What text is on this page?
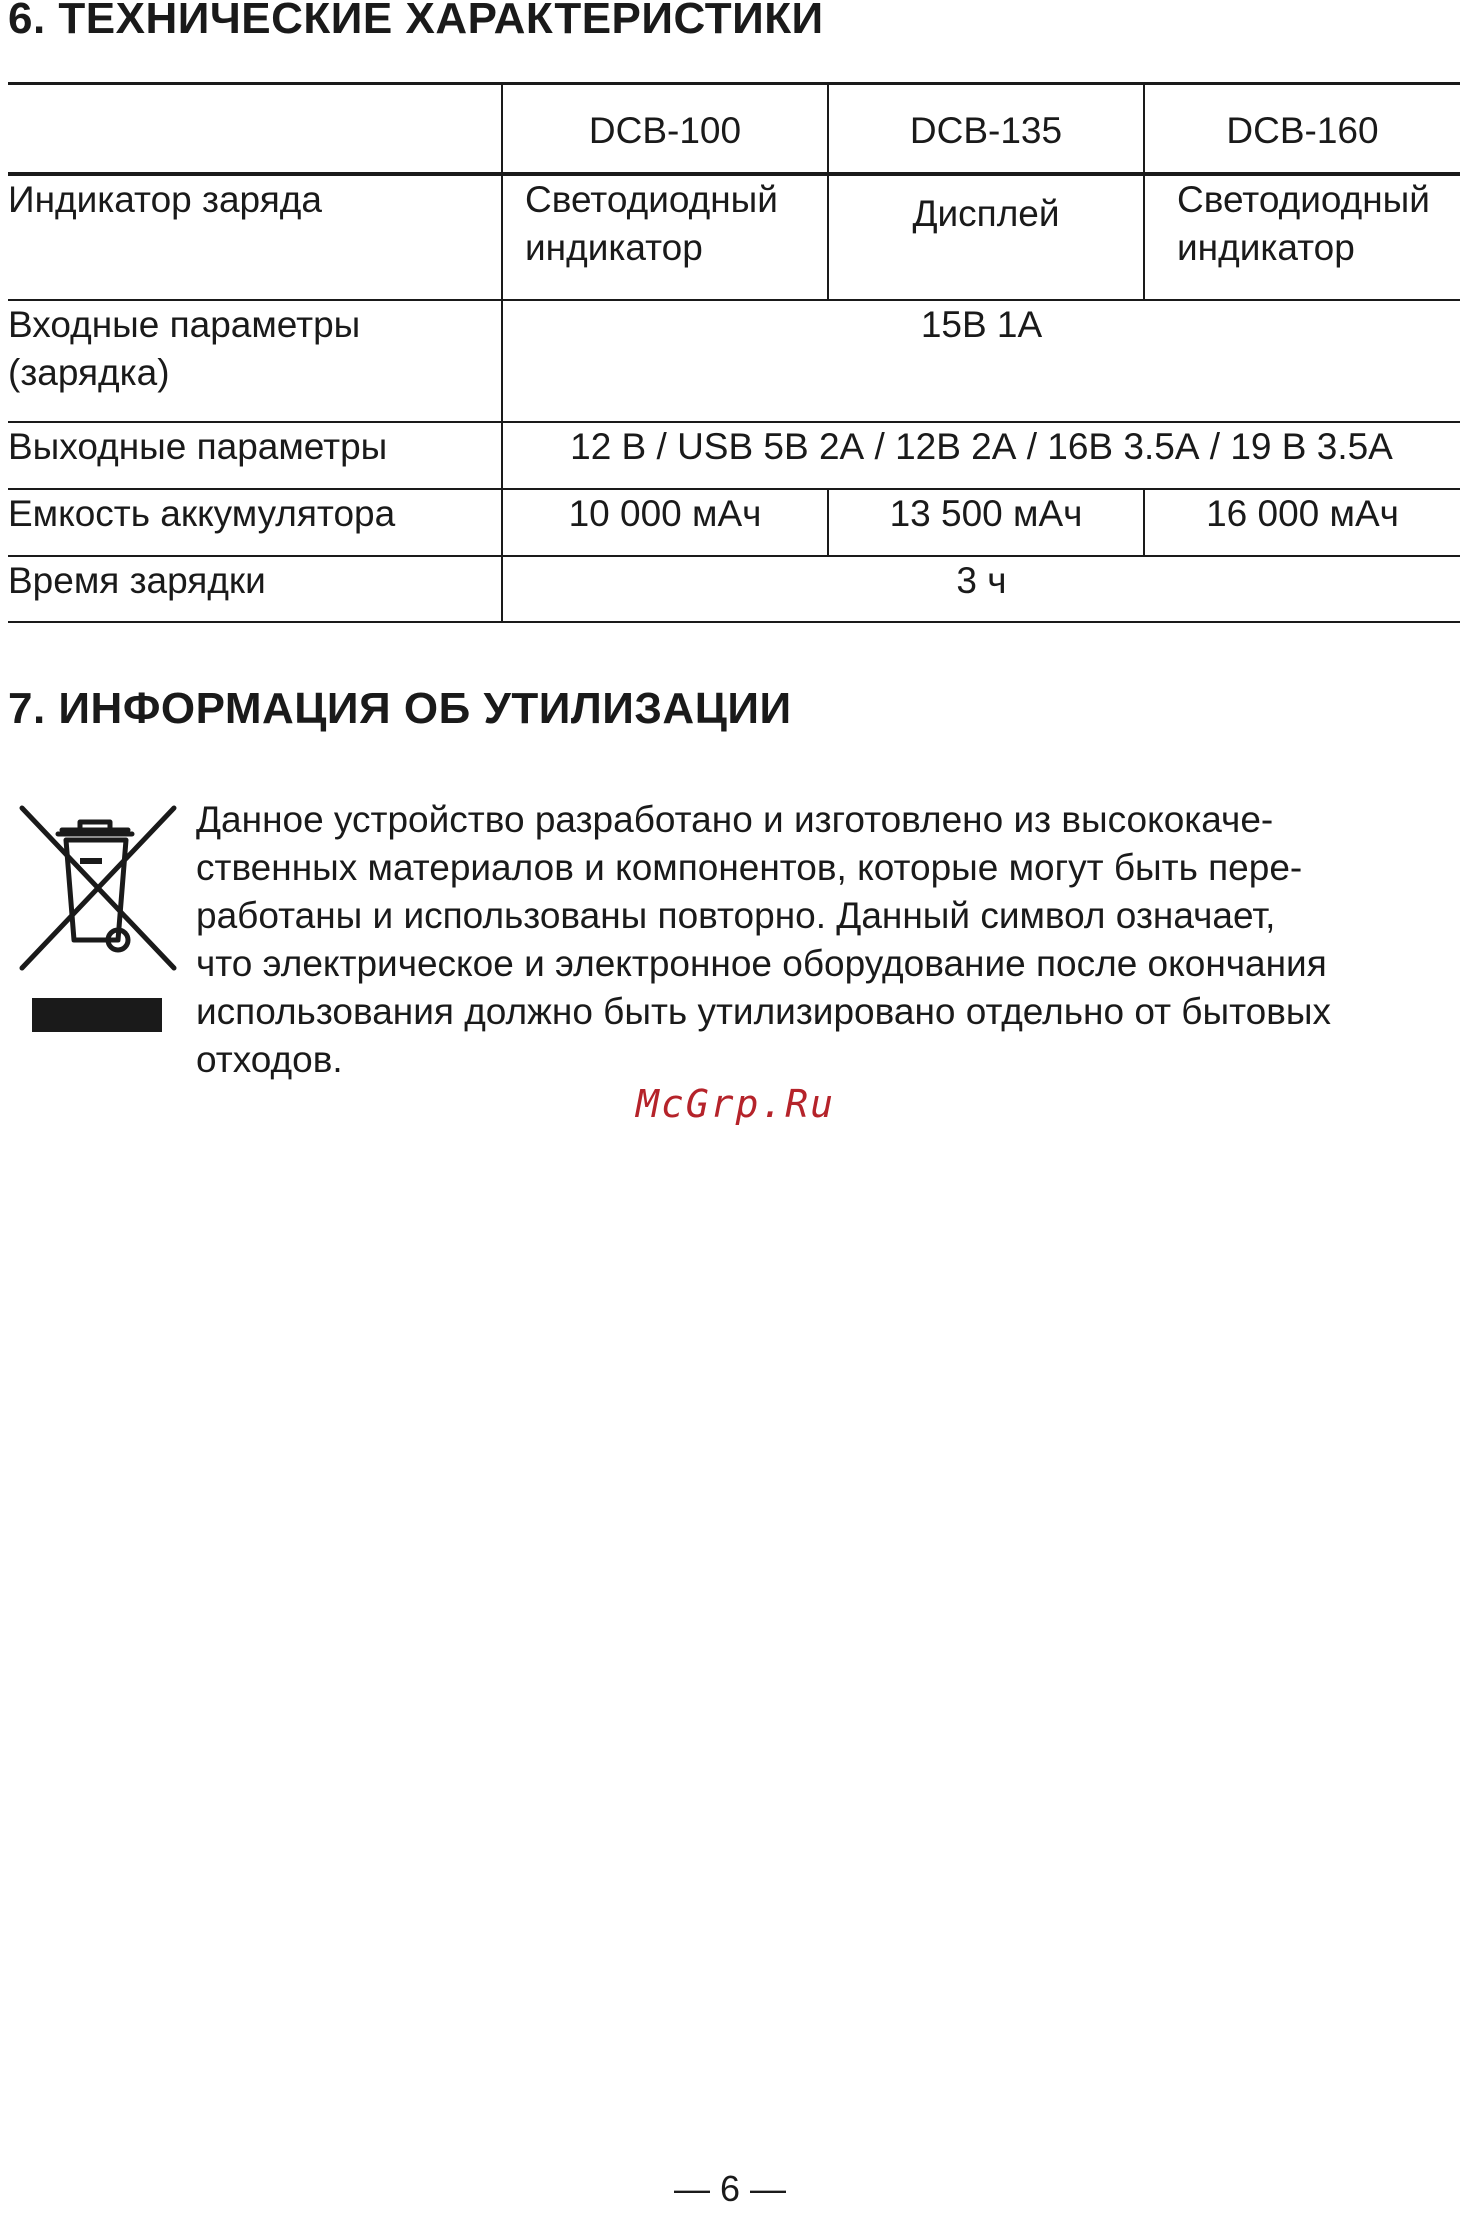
6. ТЕХНИЧЕСКИЕ ХАРАКТЕРИСТИКИ
	DCB-100	DCB-135	DCB-160
Индикатор заряда	Светодиодный индикатор	Дисплей	Светодиодный индикатор
Входные параметры (зарядка)	15В 1А		
Выходные параметры	12 В / USB 5В 2А / 12В 2А / 16В 3.5А / 19 В 3.5А		
Емкость аккумулятора	10 000 мАч	13 500 мАч	16 000 мАч
Время зарядки	3 ч		
7. ИНФОРМАЦИЯ ОБ УТИЛИЗАЦИИ

Данное устройство разработано и изготовлено из высококаче-
ственных материалов и компонентов, которые могут быть пере-
работаны и использованы повторно. Данный символ означает,
что электрическое и электронное оборудование после окончания
использования должно быть утилизировано отдельно от бытовых
отходов.

McGrp.Ru
— 6 —
